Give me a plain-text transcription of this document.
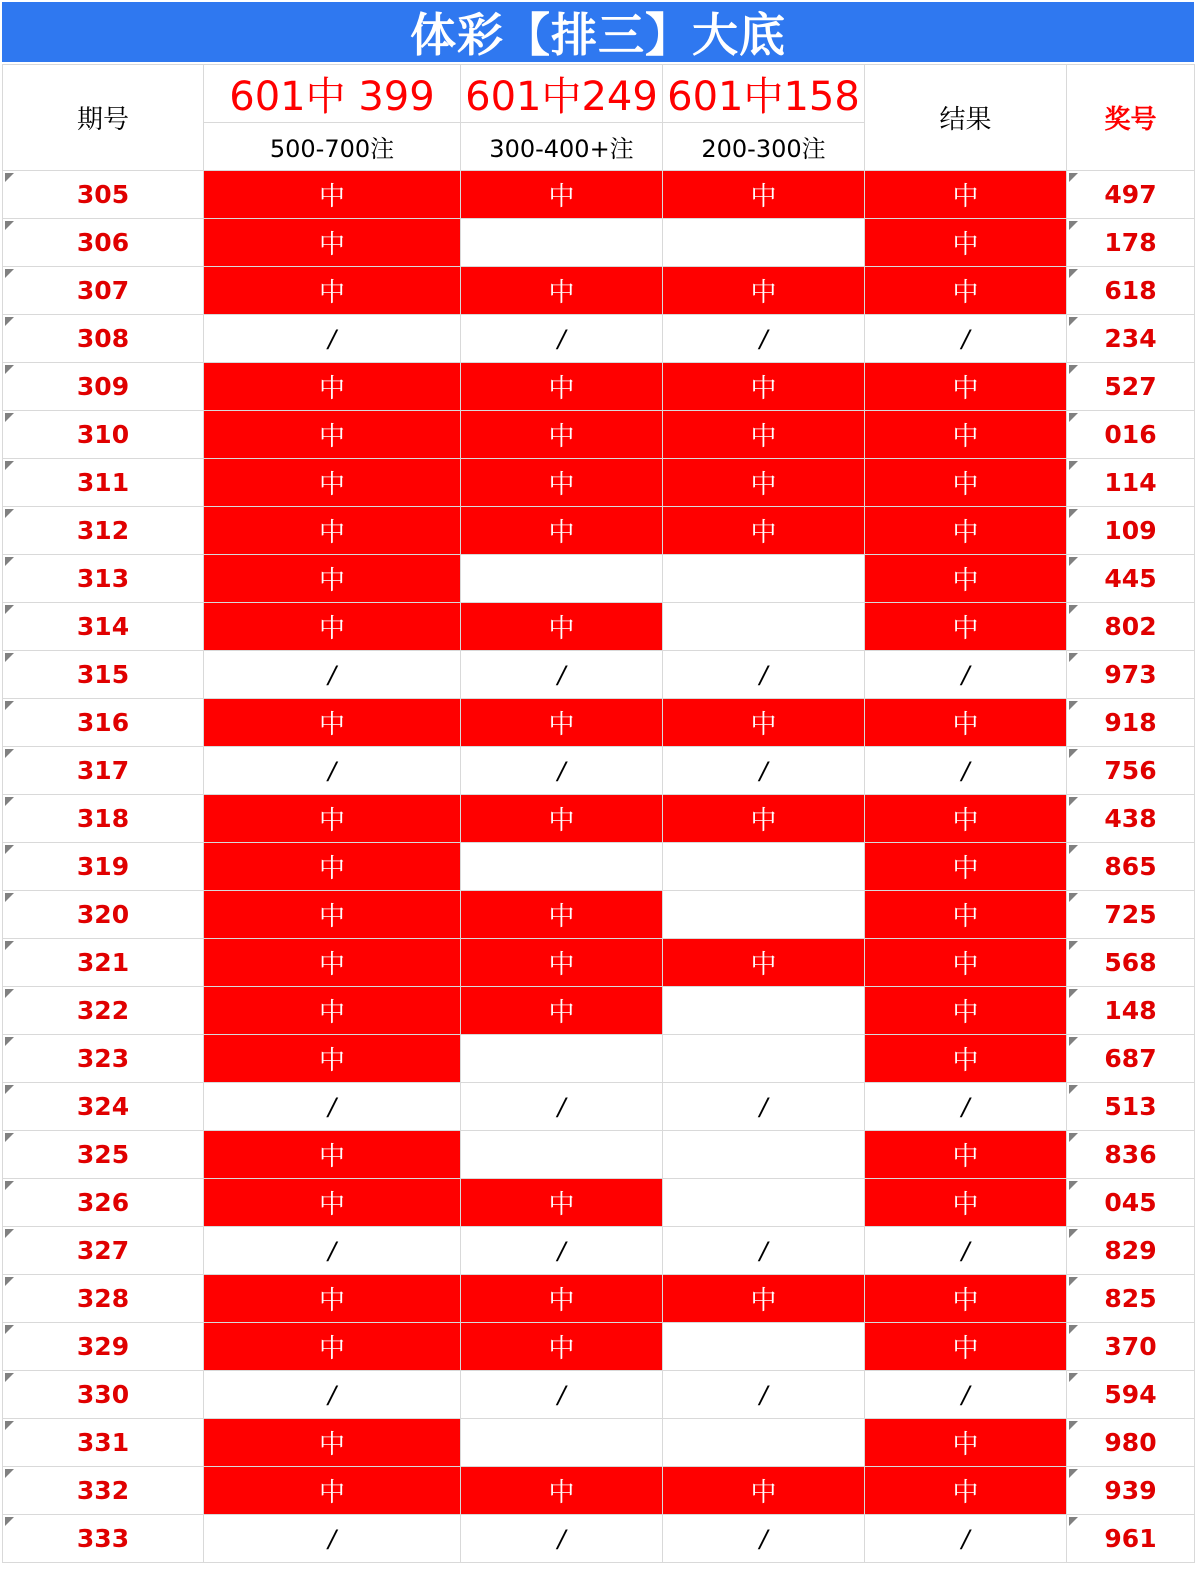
体彩【排三】大底
期号	601中 399	601中249	601中158	结果	奖号
	500-700注	300-400+注	200-300注		

305	中	中	中	中	497

306	中			中	178

307	中	中	中	中	618

308	/	/	/	/	234

309	中	中	中	中	527

310	中	中	中	中	016

311	中	中	中	中	114

312	中	中	中	中	109

313	中			中	445

314	中	中		中	802

315	/	/	/	/	973

316	中	中	中	中	918

317	/	/	/	/	756

318	中	中	中	中	438

319	中			中	865

320	中	中		中	725

321	中	中	中	中	568

322	中	中		中	148

323	中			中	687

324	/	/	/	/	513

325	中			中	836

326	中	中		中	045

327	/	/	/	/	829

328	中	中	中	中	825

329	中	中		中	370

330	/	/	/	/	594

331	中			中	980

332	中	中	中	中	939

333	/	/	/	/	961
